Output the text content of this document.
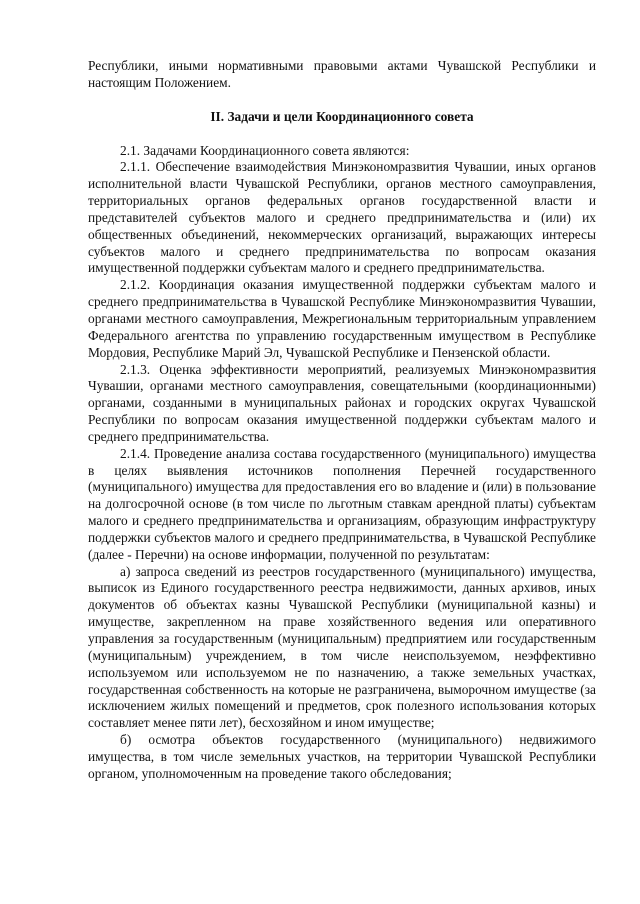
Республики, иными нормативными правовыми актами Чувашской Республики и настоящим Положением.

II. Задачи и цели Координационного совета

2.1. Задачами Координационного совета являются:

2.1.1. Обеспечение взаимодействия Минэкономразвития Чувашии, иных органов исполнительной власти Чувашской Республики, органов местного самоуправления, территориальных органов федеральных органов государственной власти и представителей субъектов малого и среднего предпринимательства и (или) их общественных объединений, некоммерческих организаций, выражающих интересы субъектов малого и среднего предпринимательства по вопросам оказания имущественной поддержки субъектам малого и среднего предпринимательства.

2.1.2. Координация оказания имущественной поддержки субъектам малого и среднего предпринимательства в Чувашской Республике Минэкономразвития Чувашии, органами местного самоуправления, Межрегиональным территориальным управлением Федерального агентства по управлению государственным имуществом в Республике Мордовия, Республике Марий Эл, Чувашской Республике и Пензенской области.

2.1.3. Оценка эффективности мероприятий, реализуемых Минэкономразвития Чувашии, органами местного самоуправления, совещательными (координационными) органами, созданными в муниципальных районах и городских округах Чувашской Республики по вопросам оказания имущественной поддержки субъектам малого и среднего предпринимательства.

2.1.4. Проведение анализа состава государственного (муниципального) имущества в целях выявления источников пополнения Перечней государственного (муниципального) имущества для предоставления его во владение и (или) в пользование на долгосрочной основе (в том числе по льготным ставкам арендной платы) субъектам малого и среднего предпринимательства и организациям, образующим инфраструктуру поддержки субъектов малого и среднего предпринимательства, в Чувашской Республике (далее - Перечни) на основе информации, полученной по результатам:

а) запроса сведений из реестров государственного (муниципального) имущества, выписок из Единого государственного реестра недвижимости, данных архивов, иных документов об объектах казны Чувашской Республики (муниципальной казны) и имуществе, закрепленном на праве хозяйственного ведения или оперативного управления за государственным (муниципальным) предприятием или государственным (муниципальным) учреждением, в том числе неиспользуемом, неэффективно используемом или используемом не по назначению, а также земельных участках, государственная собственность на которые не разграничена, выморочном имуществе (за исключением жилых помещений и предметов, срок полезного использования которых составляет менее пяти лет), бесхозяйном и ином имуществе;

б) осмотра объектов государственного (муниципального) недвижимого имущества, в том числе земельных участков, на территории Чувашской Республики органом, уполномоченным на проведение такого обследования;
